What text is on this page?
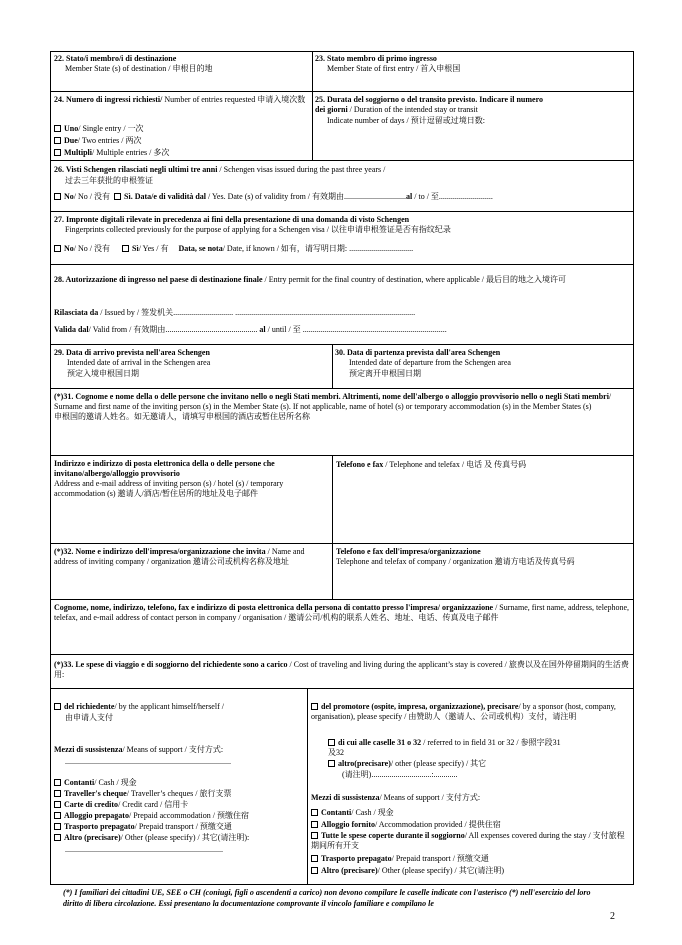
22. Stato/i membro/i di destinazione
Member State (s) of destination / 申根目的地
23. Stato membro di primo ingresso
Member State of first entry / 首入申根国
24. Numero di ingressi richiesti/ Number of entries requested 申请入境次数
Uno/ Single entry / 一次
Due/ Two entries / 两次
Multipli/ Multiple entries / 多次
25. Durata del soggiorno o del transito previsto. Indicare il numero dei giorni / Duration of the intended stay or transit
Indicate number of days / 预计逗留或过境日数:
26. Visti Schengen rilasciati negli ultimi tre anni / Schengen visas issued during the past three years /
过去三年获批的申根签证
No/ No / 没有 Sì. Data/e di validità dal / Yes. Date (s) of validity from / 有效期由...............................al / to / 至...........................
27. Impronte digitali rilevate in precedenza ai fini della presentazione di una domanda di visto Schengen
Fingerprints collected previously for the purpose of applying for a Schengen visa / 以往申请申根签证是否有指纹纪录
No/ No / 没有	Sì/ Yes / 有 Data, se nota/ Date, if known / 如有，请写明日期: ................................
28. Autorizzazione di ingresso nel paese di destinazione finale / Entry permit for the final country of destination, where applicable / 最后目的地之入境许可
Rilasciata da / Issued by / 签发机关.............................. ..........................................................................................
Valida dal/ Valid from / 有效期由.............................................. al / until / 至 ........................................................................
29. Data di arrivo prevista nell'area Schengen
Intended date of arrival in the Schengen area
预定入境申根国日期
30. Data di partenza prevista dall'area Schengen
Intended date of departure from the Schengen area
预定离开申根国日期
(*)31. Cognome e nome della o delle persone che invitano nello o negli Stati membri. Altrimenti, nome dell'albergo o alloggio provvisorio nello o negli Stati membri/ Surname and first name of the inviting person (s) in the Member State (s). If not applicable, name of hotel (s) or temporary accommodation (s) in the Member States (s)
申根国的邀请人姓名。如无邀请人，请填写申根国的酒店或暂住居所名称
Indirizzo e indirizzo di posta elettronica della o delle persone che invitano/albergo/alloggio provvisorio
Address and e-mail address of inviting person (s) / hotel (s) / temporary accommodation (s) 邀请人/酒店/暂住居所的地址及电子邮件
Telefono e fax / Telephone and telefax / 电话 及 传真号码
(*)32. Nome e indirizzo dell'impresa/organizzazione che invita / Name and address of inviting company / organization 邀请公司或机构名称及地址
Telefono e fax dell'impresa/organizzazione
Telephone and telefax of company / organization 邀请方电话及传真号码
Cognome, nome, indirizzo, telefono, fax e indirizzo di posta elettronica della persona di contatto presso l'impresa/ organizzazione / Surname, first name, address, telephone, telefax, and e-mail address of contact person in company / organisation / 邀请公司/机构的联系人姓名、地址、电话、传真及电子邮件
(*)33. Le spese di viaggio e di soggiorno del richiedente sono a carico / Cost of traveling and living during the applicant’s stay is covered / 旅费以及在国外停留期间的生活费用:
del richiedente/ by the applicant himself/herself /
由申请人支付
Mezzi di sussistenza/ Means of support / 支付方式:
...................................................................................
Contanti/ Cash / 现金
Traveller's cheque/ Traveller’s cheques / 旅行支票
Carte di credito/ Credit card / 信用卡
Alloggio prepagato/ Prepaid accommodation / 预缴住宿
Trasporto prepagato/ Prepaid transport / 预缴交通
Altro (precisare)/ Other (please specify) / 其它(请注明):
...............................................................................
del promotore (ospite, impresa, organizzazione), precisare/ by a sponsor (host, company, organisation), please specify / 由赞助人（邀请人、公司或机构）支付，请注明
di cui alle caselle 31 o 32 / referred to in field 31 or 32 / 参照字段31及32
altro(precisare)/ other (please specify) / 其它
(请注明)..............................:............
Mezzi di sussistenza/ Means of support / 支付方式:
Contanti/ Cash / 现金
Alloggio fornito/ Accommodation provided / 提供住宿
Tutte le spese coperte durante il soggiorno/ All expenses covered during the stay / 支付旅程期间所有开支
Trasporto prepagato/ Prepaid transport / 预缴交通
Altro (precisare)/ Other (please specify) / 其它(请注明)
.......................................................
(*) I familiari dei cittadini UE, SEE o CH (coniugi, figli o ascendenti a carico) non devono compilare le caselle indicate con l'asterisco (*) nell'esercizio del loro diritto di libera circolazione. Essi presentano la documentazione comprovante il vincolo familiare e compilano le
2
